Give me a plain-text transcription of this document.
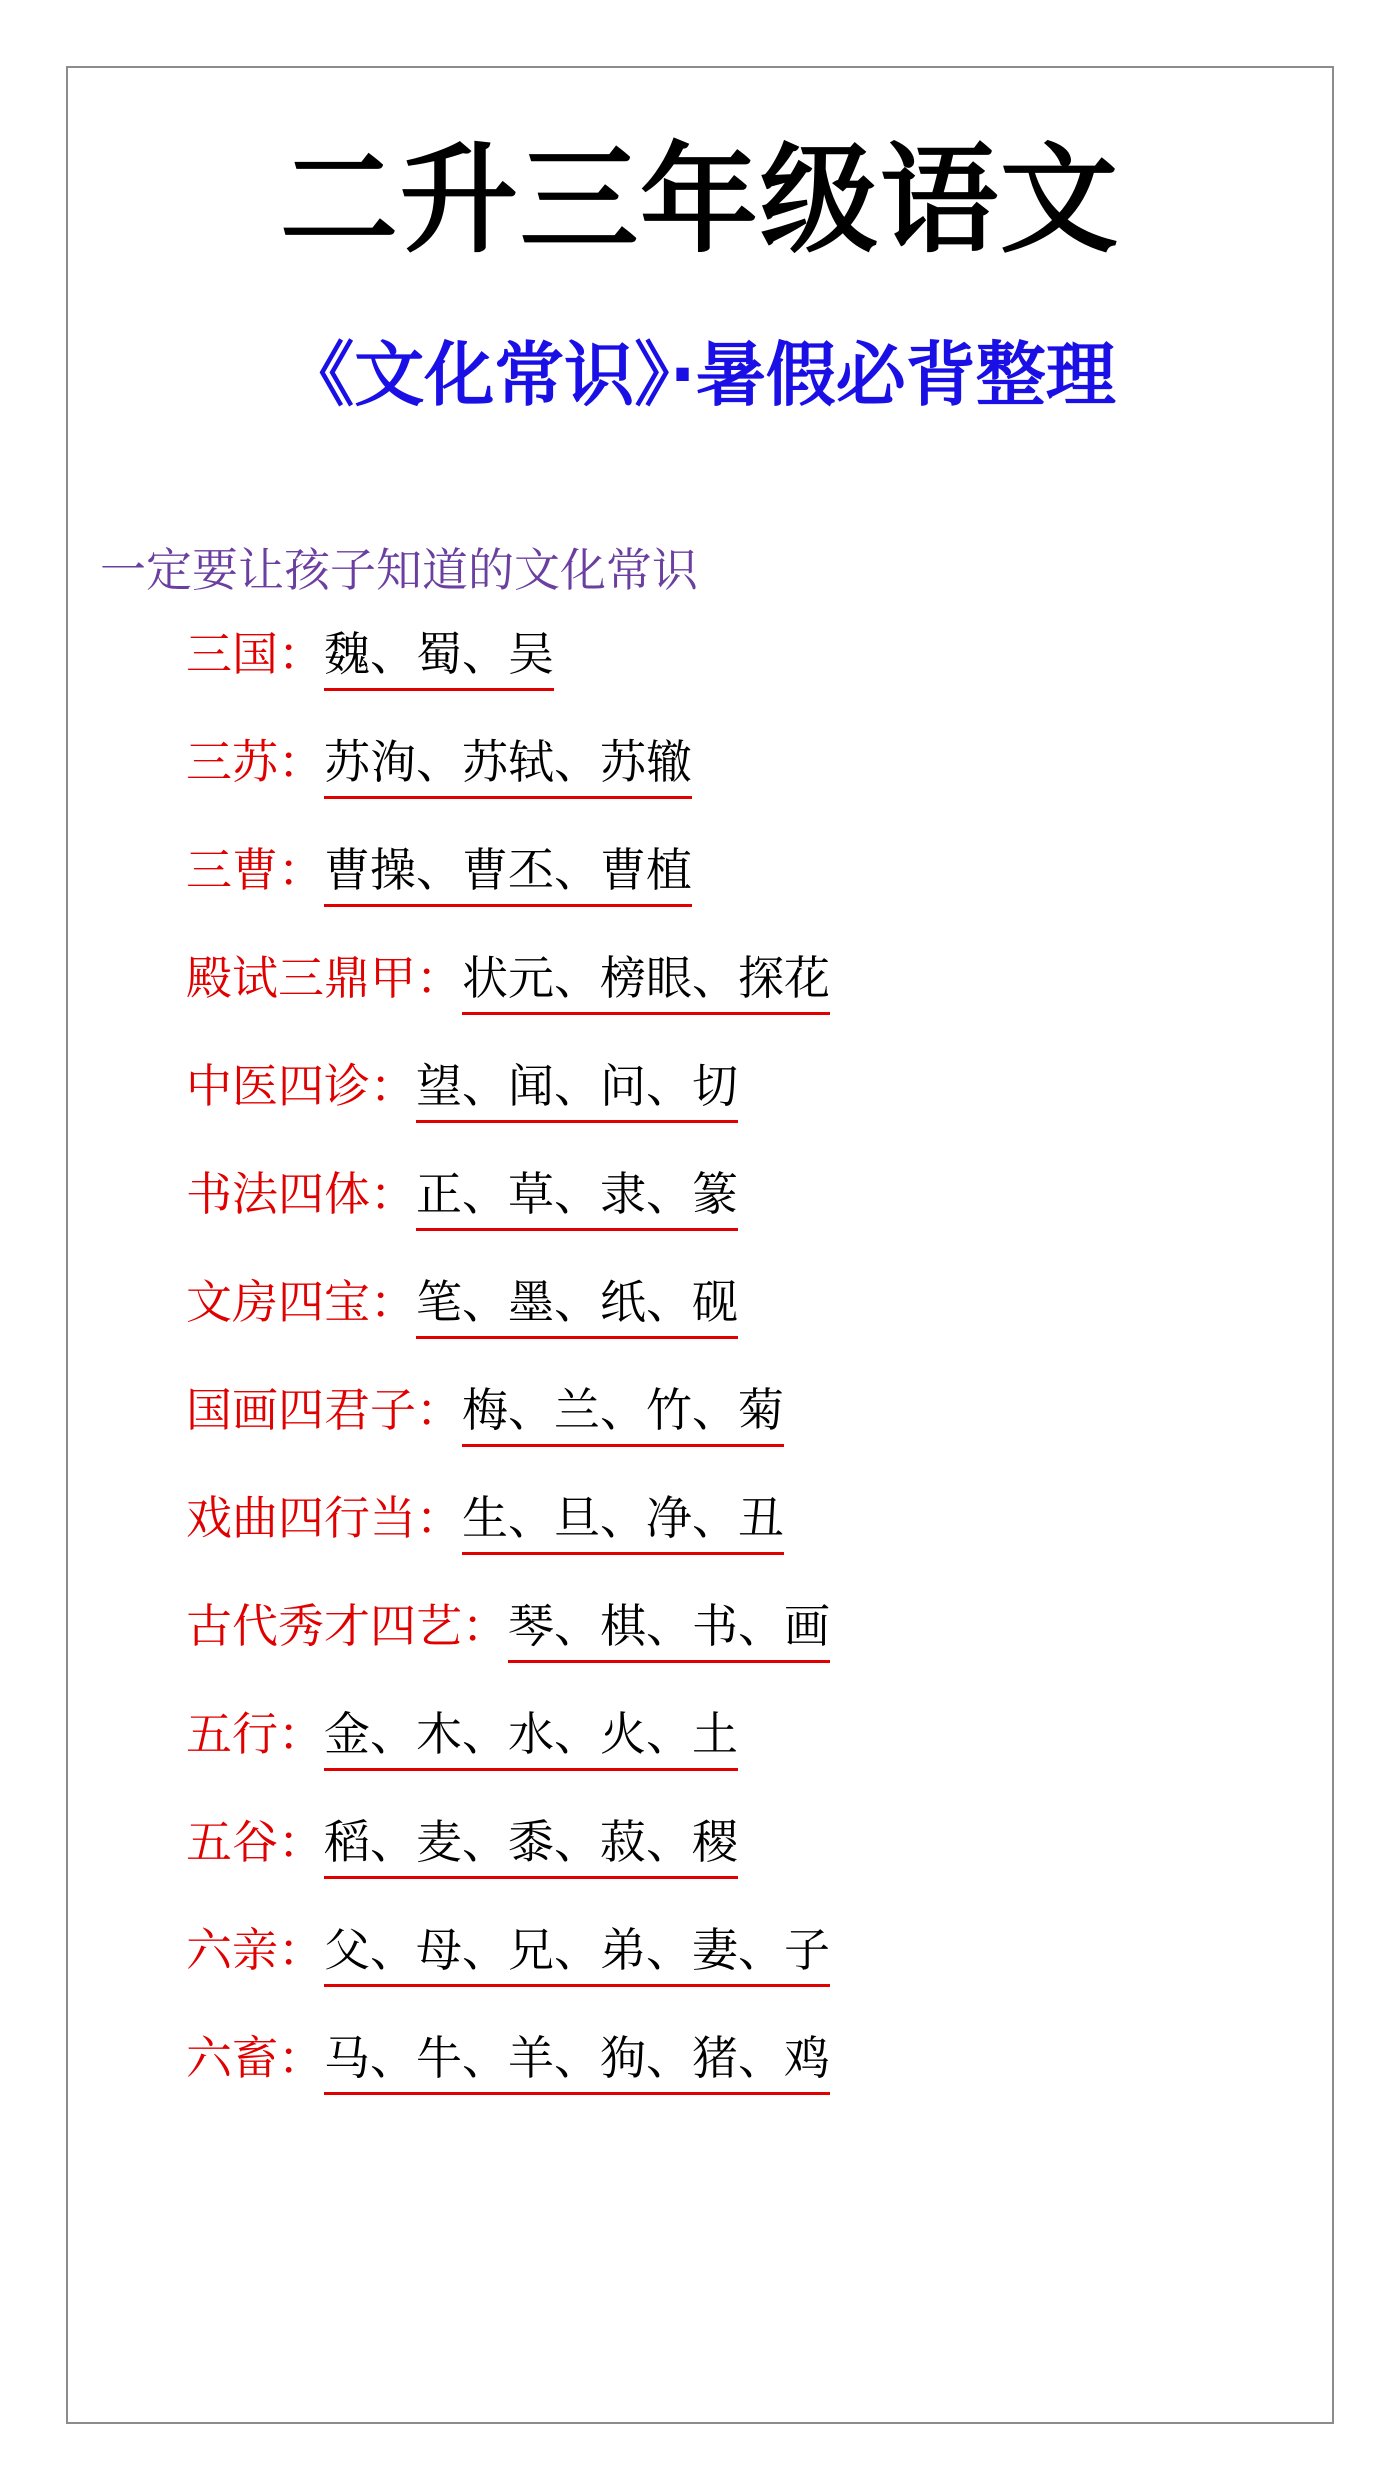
二升三年级语文
《文化常识》·暑假必背整理
一定要让孩子知道的文化常识
三国： 魏、蜀、吴
三苏： 苏洵、苏轼、苏辙
三曹： 曹操、曹丕、曹植
殿试三鼎甲： 状元、榜眼、探花
中医四诊： 望、闻、问、切
书法四体： 正、草、隶、篆
文房四宝： 笔、墨、纸、砚
国画四君子： 梅、兰、竹、菊
戏曲四行当： 生、旦、净、丑
古代秀才四艺： 琴、棋、书、画
五行： 金、木、水、火、土
五谷： 稻、麦、黍、菽、稷
六亲： 父、母、兄、弟、妻、子
六畜： 马、牛、羊、狗、猪、鸡
